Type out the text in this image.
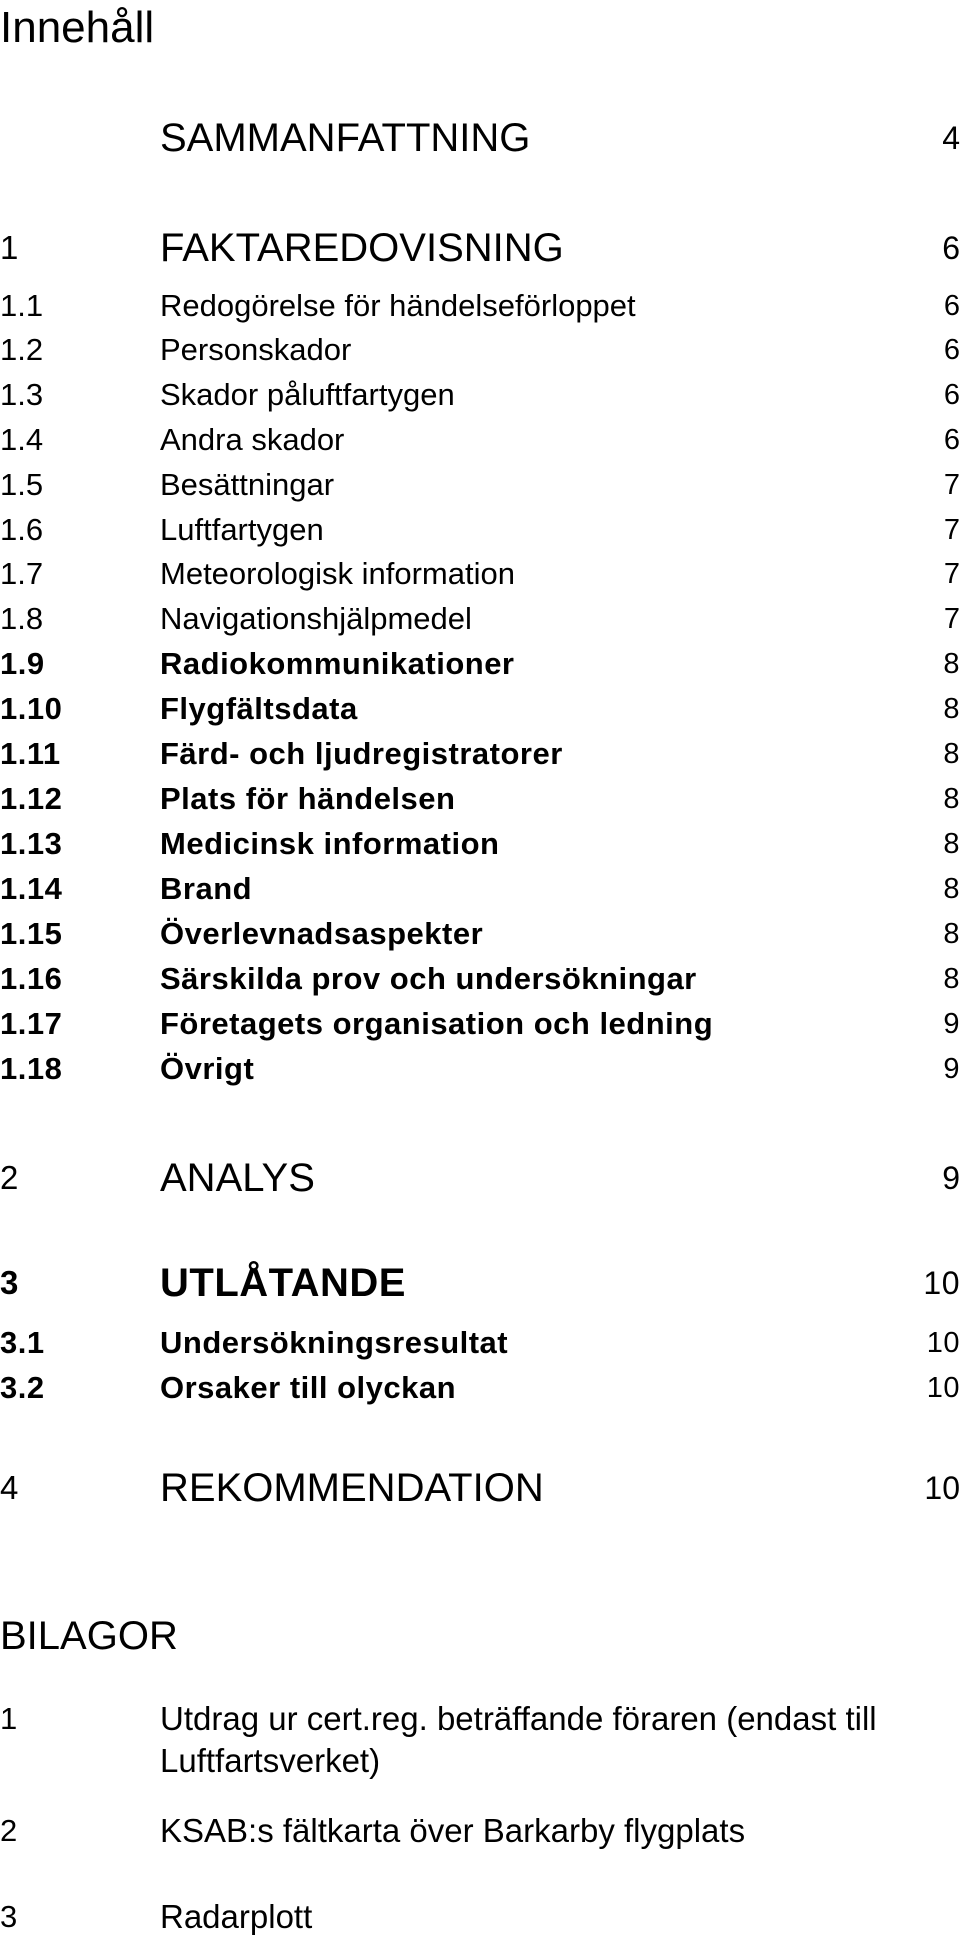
Innehåll
SAMMANFATTNING	4
1	FAKTAREDOVISNING	6
1.1	Redogörelse för händelseförloppet	6
1.2	Personskador	6
1.3	Skador påluftfartygen	6
1.4	Andra skador	6
1.5	Besättningar	7
1.6	Luftfartygen	7
1.7	Meteorologisk information	7
1.8	Navigationshjälpmedel	7
1.9	Radiokommunikationer	8
1.10	Flygfältsdata	8
1.11	Färd- och ljudregistratorer	8
1.12	Plats för händelsen	8
1.13	Medicinsk information	8
1.14	Brand	8
1.15	Överlevnadsaspekter	8
1.16	Särskilda prov och undersökningar	8
1.17	Företagets organisation och ledning	9
1.18	Övrigt	9
2	ANALYS	9
3	UTLÅTANDE	10
3.1	Undersökningsresultat	10
3.2	Orsaker till olyckan	10
4	REKOMMENDATION	10
BILAGOR
1	Utdrag ur cert.reg. beträffande föraren (endast till Luftfartsverket)
2	KSAB:s fältkarta över Barkarby flygplats
3	Radarplott
